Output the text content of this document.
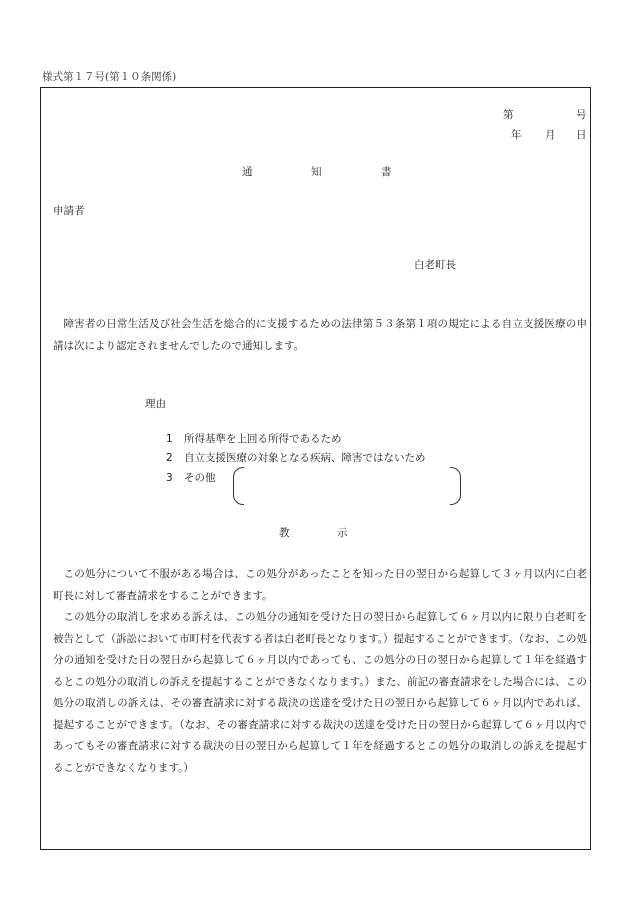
様式第１７号(第１０条関係)
第	号
年 月 日
通	知	書
申請者
白老町長
障害者の日常生活及び社会生活を総合的に支援するための法律第５３条第１項の規定による自立支援医療の申請は次により認定されませんでしたので通知します。
理由
1 所得基準を上回る所得であるため
2 自立支援医療の対象となる疾病、障害ではないため
3 その他
教	示
この処分について不服がある場合は、この処分があったことを知った日の翌日から起算して３ヶ月以内に白老町長に対して審査請求をすることができます。
この処分の取消しを求める訴えは、この処分の通知を受けた日の翌日から起算して６ヶ月以内に限り白老町を被告として（訴訟において市町村を代表する者は白老町長となります。）提起することができます。（なお、この処分の通知を受けた日の翌日から起算して６ヶ月以内であっても、この処分の日の翌日から起算して１年を経過するとこの処分の取消しの訴えを提起することができなくなります。）また、前記の審査請求をした場合には、この処分の取消しの訴えは、その審査請求に対する裁決の送達を受けた日の翌日から起算して６ヶ月以内であれば、提起することができます。（なお、その審査請求に対する裁決の送達を受けた日の翌日から起算して６ヶ月以内であってもその審査請求に対する裁決の日の翌日から起算して１年を経過するとこの処分の取消しの訴えを提起することができなくなります。）
